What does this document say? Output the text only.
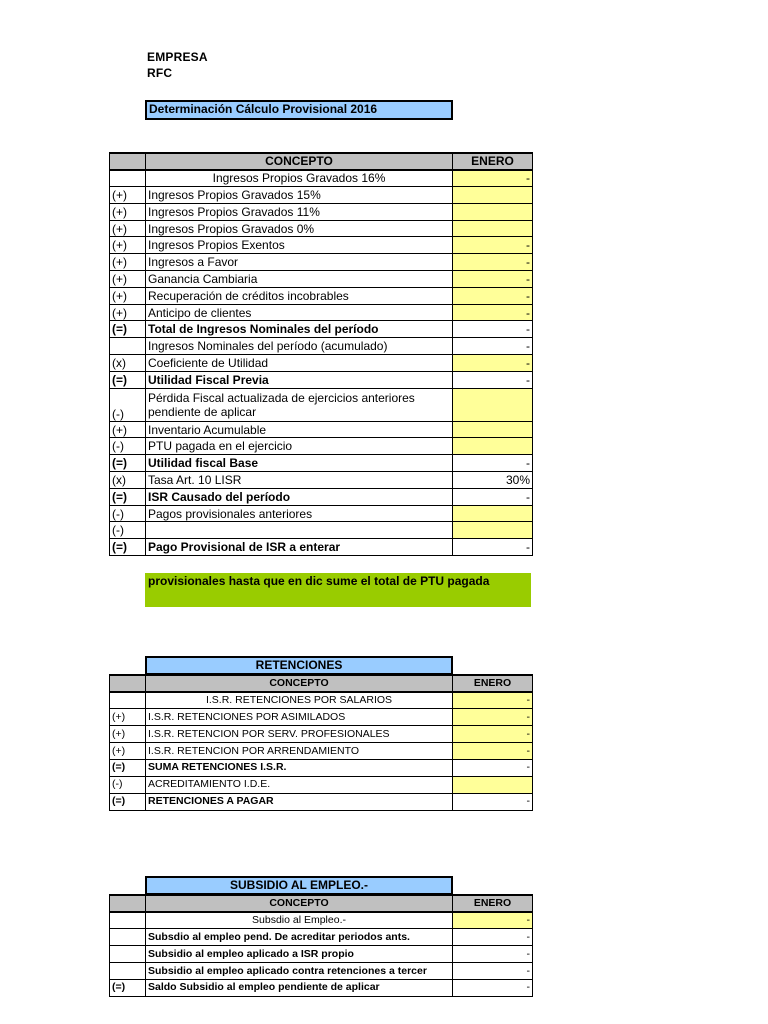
EMPRESA
RFC
Determinación Cálculo Provisional 2016
	CONCEPTO	ENERO
	Ingresos Propios Gravados 16%	-
(+)	Ingresos Propios Gravados 15%	
(+)	Ingresos Propios Gravados 11%	
(+)	Ingresos Propios Gravados 0%	
(+)	Ingresos Propios Exentos	-
(+)	Ingresos a Favor	-
(+)	Ganancia Cambiaria	-
(+)	Recuperación de créditos incobrables	-
(+)	Anticipo de clientes	-
(=)	Total de Ingresos Nominales del período	-
	Ingresos Nominales del período (acumulado)	-
(x)	Coeficiente de Utilidad	-
(=)	Utilidad Fiscal Previa	-
(-)	Pérdida Fiscal actualizada de ejercicios anteriores pendiente de aplicar	
(+)	Inventario Acumulable	
(-)	PTU pagada en el ejercicio	
(=)	Utilidad fiscal Base	-
(x)	Tasa Art. 10 LISR	30%
(=)	ISR Causado del período	-
(-)	Pagos provisionales anteriores	
(-)		
(=)	Pago Provisional de ISR a enterar	-
provisionales hasta que en dic sume el total de PTU pagada
RETENCIONES
	CONCEPTO	ENERO
	I.S.R. RETENCIONES POR SALARIOS	-
(+)	I.S.R. RETENCIONES POR ASIMILADOS	-
(+)	I.S.R. RETENCION POR SERV. PROFESIONALES	-
(+)	I.S.R. RETENCION POR ARRENDAMIENTO	-
(=)	SUMA RETENCIONES I.S.R.	-
(-)	ACREDITAMIENTO I.D.E.	
(=)	RETENCIONES A PAGAR	-
SUBSIDIO AL EMPLEO.-
	CONCEPTO	ENERO
	Subsdio al Empleo.-	-
	Subsdio al empleo pend. De acreditar periodos ants.	-
	Subsidio al empleo aplicado a ISR propio	-
	Subsidio al empleo aplicado contra retenciones a tercer	-
(=)	Saldo Subsidio al empleo pendiente de aplicar	-
